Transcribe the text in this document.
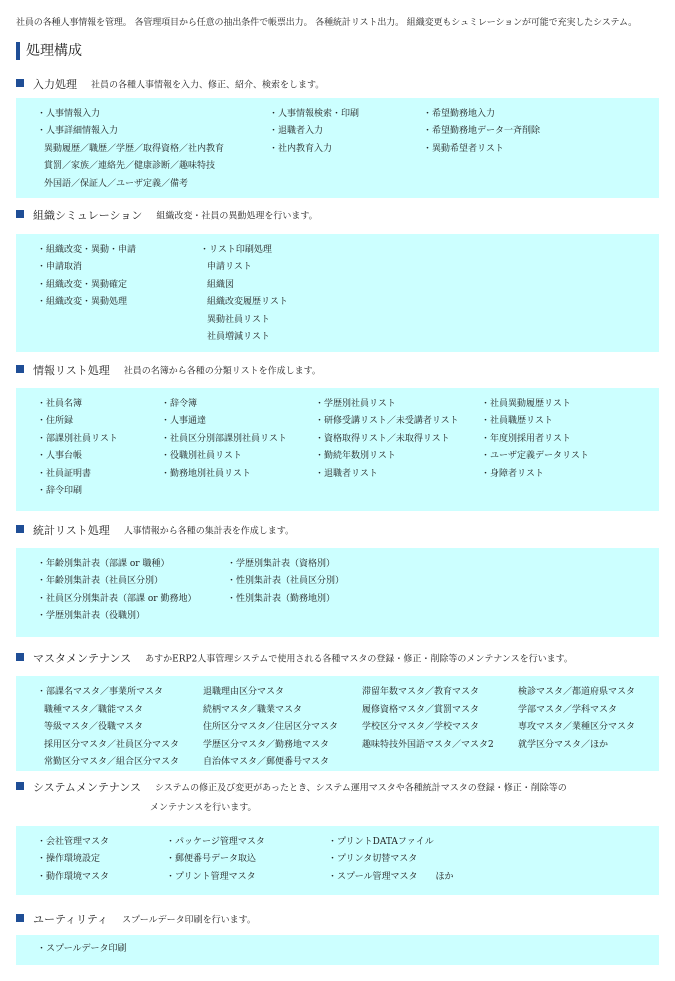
社員の各種人事情報を管理。 各管理項目から任意の抽出条件で帳票出力。 各種統計リスト出力。 組織変更もシュミレーションが可能で充実したシステム。
処理構成
入力処理 社員の各種人事情報を入力、修正、紹介、検索をします。
・人事情報入力
・人事詳細情報入力
異動履歴／職歴／学歴／取得資格／社内教育
賞罰／家族／連絡先／健康診断／趣味特技
外国語／保証人／ユーザ定義／備考
・人事情報検索・印刷
・退職者入力
・社内教育入力
・希望勤務地入力
・希望勤務地データ一斉削除
・異動希望者リスト
組織シミュレーション 組織改変・社員の異動処理を行います。
・組織改変・異動・申請
・申請取消
・組織改変・異動確定
・組織改変・異動処理
・リスト印刷処理
申請リスト
組織図
組織改変履歴リスト
異動社員リスト
社員増減リスト
情報リスト処理 社員の名簿から各種の分類リストを作成します。
・社員名簿
・住所録
・部課別社員リスト
・人事台帳
・社員証明書
・辞令印刷
・辞令簿
・人事通達
・社員区分別部課別社員リスト
・役職別社員リスト
・勤務地別社員リスト
・学歴別社員リスト
・研修受講リスト／未受講者リスト
・資格取得リスト／未取得リスト
・勤続年数別リスト
・退職者リスト
・社員異動履歴リスト
・社員職歴リスト
・年度別採用者リスト
・ユーザ定義データリスト
・身障者リスト
統計リスト処理 人事情報から各種の集計表を作成します。
・年齢別集計表（部課 or 職種）
・年齢別集計表（社員区分別）
・社員区分別集計表（部課 or 勤務地）
・学歴別集計表（役職別）
・学歴別集計表（資格別）
・性別集計表（社員区分別）
・性別集計表（勤務地別）
マスタメンテナンス あすかERP2人事管理システムで使用される各種マスタの登録・修正・削除等のメンテナンスを行います。
・部課名マスタ／事業所マスタ
職種マスタ／職能マスタ
等級マスタ／役職マスタ
採用区分マスタ／社員区分マスタ
常勤区分マスタ／組合区分マスタ
退職理由区分マスタ
続柄マスタ／職業マスタ
住所区分マスタ／住居区分マスタ
学歴区分マスタ／勤務地マスタ
自治体マスタ／郵便番号マスタ
滞留年数マスタ／教育マスタ
履修資格マスタ／賞罰マスタ
学校区分マスタ／学校マスタ
趣味特技外国語マスタ／マスタ2
検診マスタ／都道府県マスタ
学部マスタ／学科マスタ
専攻マスタ／業種区分マスタ
就学区分マスタ／ほか
システムメンテナンス システムの修正及び変更があったとき、システム運用マスタや各種統計マスタの登録・修正・削除等の
メンテナンスを行います。
・会社管理マスタ
・操作環境設定
・動作環境マスタ
・パッケージ管理マスタ
・郵便番号データ取込
・プリント管理マスタ
・プリントDATAファイル
・プリンタ切替マスタ
・スプール管理マスタ　　ほか
ユーティリティ スプールデータ印刷を行います。
・スプールデータ印刷
